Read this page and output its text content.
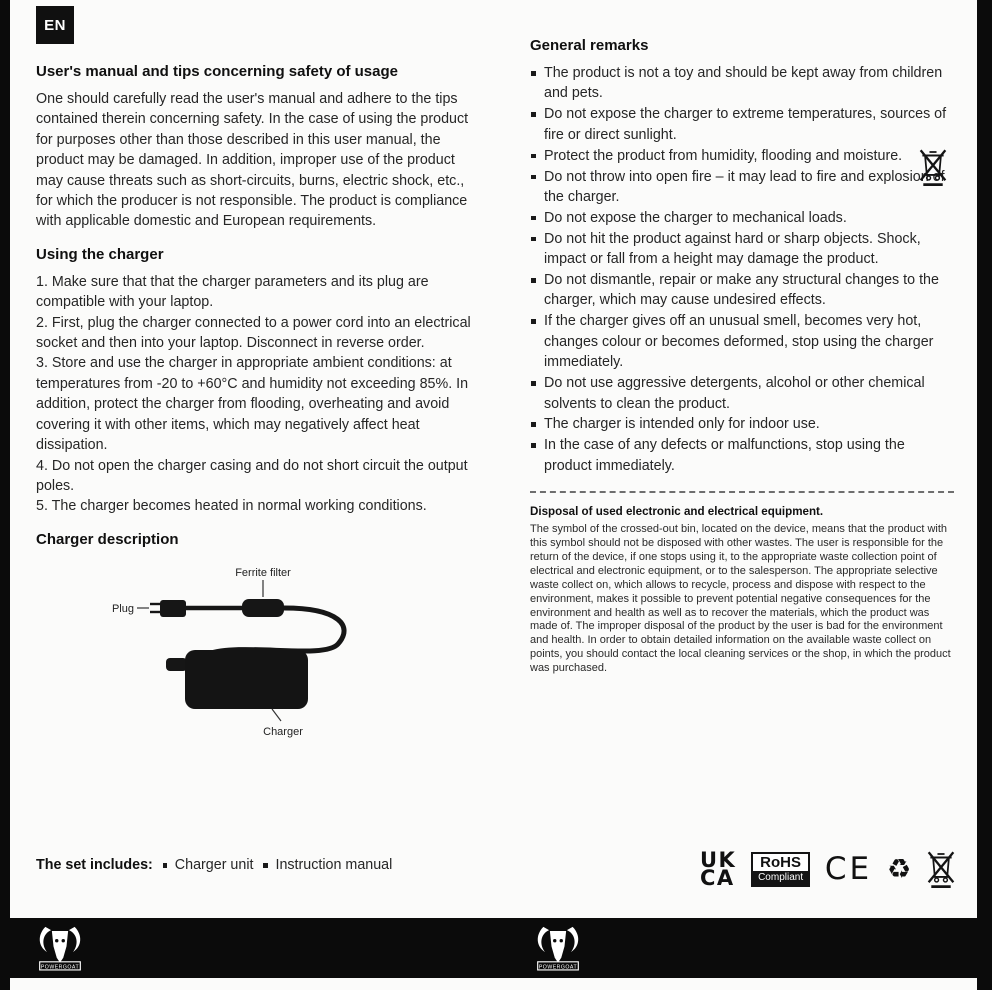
EN
User's manual and tips concerning safety of usage

One should carefully read the user's manual and adhere to the tips contained therein concerning safety. In the case of using the product for purposes other than those described in this user manual, the product may be damaged. In addition, improper use of the product may cause threats such as short-circuits, burns, electric shock, etc., for which the producer is not responsible. The product is compliance with applicable domestic and European requirements.

Using the charger

1. Make sure that that the charger parameters and its plug are compatible with your laptop.

2. First, plug the charger connected to a power cord into an electrical socket and then into your laptop. Disconnect in reverse order.

3. Store and use the charger in appropriate ambient conditions: at temperatures from -20 to +60°C and humidity not exceeding 85%. In addition, protect the charger from flooding, overheating and avoid covering it with other items, which may negatively affect heat dissipation.

4. Do not open the charger casing and do not short circuit the output poles.

5. The charger becomes heated in normal working conditions.

Charger description
Ferrite filter
Plug
Charger
The set includes:	Charger unit	Instruction manual
General remarks
The product is not a toy and should be kept away from children and pets.
Do not expose the charger to extreme temperatures, sources of fire or direct sunlight.
Protect the product from humidity, flooding and moisture.
Do not throw into open fire – it may lead to fire and explosion of the charger.
Do not expose the charger to mechanical loads.
Do not hit the product against hard or sharp objects. Shock, impact or fall from a height may damage the product.
Do not dismantle, repair or make any structural changes to the charger, which may cause undesired effects.
If the charger gives off an unusual smell, becomes very hot, changes colour or becomes deformed, stop using the charger immediately.
Do not use aggressive detergents, alcohol or other chemical solvents to clean the product.
The charger is intended only for indoor use.
In the case of any defects or malfunctions, stop using the product immediately.
Disposal of used electronic and electrical equipment.

The symbol of the crossed-out bin, located on the device, means that the product with this symbol should not be disposed with other wastes. The user is responsible for the return of the device, if one stops using it, to the appropriate waste collection point of electrical and electronic equipment, or to the salesperson. The appropriate selective waste collect on, which allows to recycle, process and dispose with respect to the environment, makes it possible to prevent potential negative consequences for the environment and health as well as to recover the materials, which the product was made of. The improper disposal of the product by the user is bad for the environment and health. In order to obtain detailed information on the available waste collect on points, you should contact the local cleaning services or the shop, in which the product was purchased.

UK
CA
RoHS
Compliant CE ♻
POWERGOAT	POWERGOAT
